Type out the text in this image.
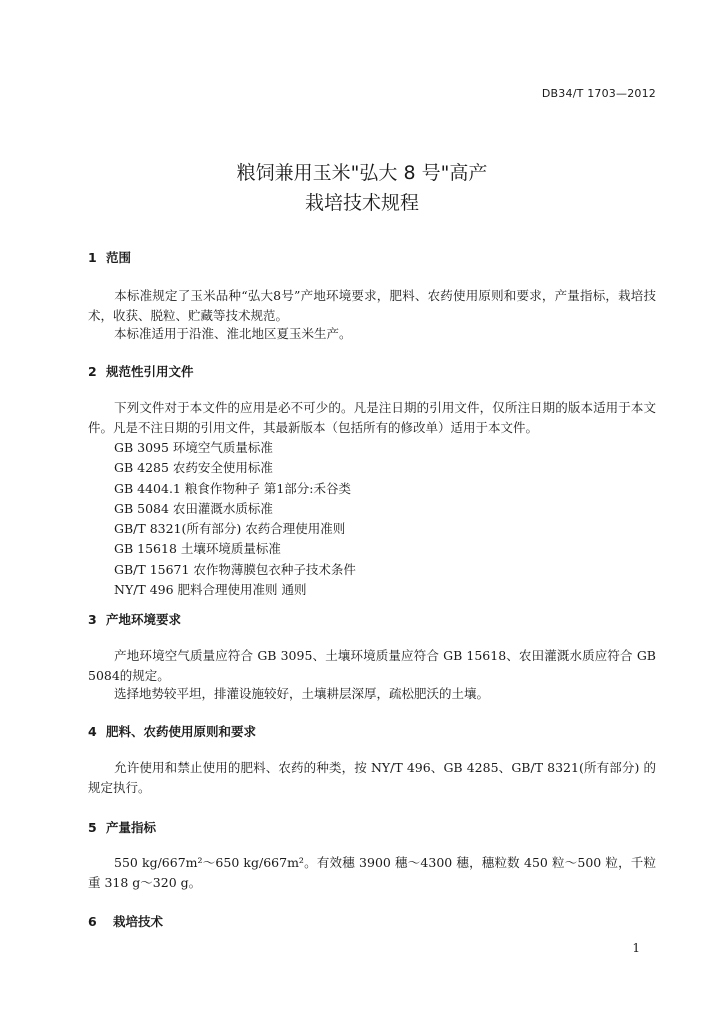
DB34/T 1703—2012
粮饲兼用玉米"弘大 8 号"高产
栽培技术规程
1 范围

本标准规定了玉米品种“弘大8号”产地环境要求，肥料、农药使用原则和要求，产量指标，栽培技术，收获、脱粒、贮藏等技术规范。

本标准适用于沿淮、淮北地区夏玉米生产。

2 规范性引用文件

下列文件对于本文件的应用是必不可少的。凡是注日期的引用文件，仅所注日期的版本适用于本文件。凡是不注日期的引用文件，其最新版本（包括所有的修改单）适用于本文件。

GB 3095 环境空气质量标准
GB 4285 农药安全使用标准
GB 4404.1 粮食作物种子 第1部分:禾谷类
GB 5084 农田灌溉水质标准
GB/T 8321(所有部分) 农药合理使用准则
GB 15618 土壤环境质量标准
GB/T 15671 农作物薄膜包衣种子技术条件
NY/T 496 肥料合理使用准则 通则
3 产地环境要求

产地环境空气质量应符合 GB 3095、土壤环境质量应符合 GB 15618、农田灌溉水质应符合 GB 5084的规定。

选择地势较平坦，排灌设施较好，土壤耕层深厚，疏松肥沃的土壤。

4 肥料、农药使用原则和要求

允许使用和禁止使用的肥料、农药的种类，按 NY/T 496、GB 4285、GB/T 8321(所有部分) 的规定执行。

5 产量指标

550 kg/667m²～650 kg/667m²。有效穗 3900 穗～4300 穗，穗粒数 450 粒～500 粒，千粒重 318 g～320 g。

6 栽培技术
1
